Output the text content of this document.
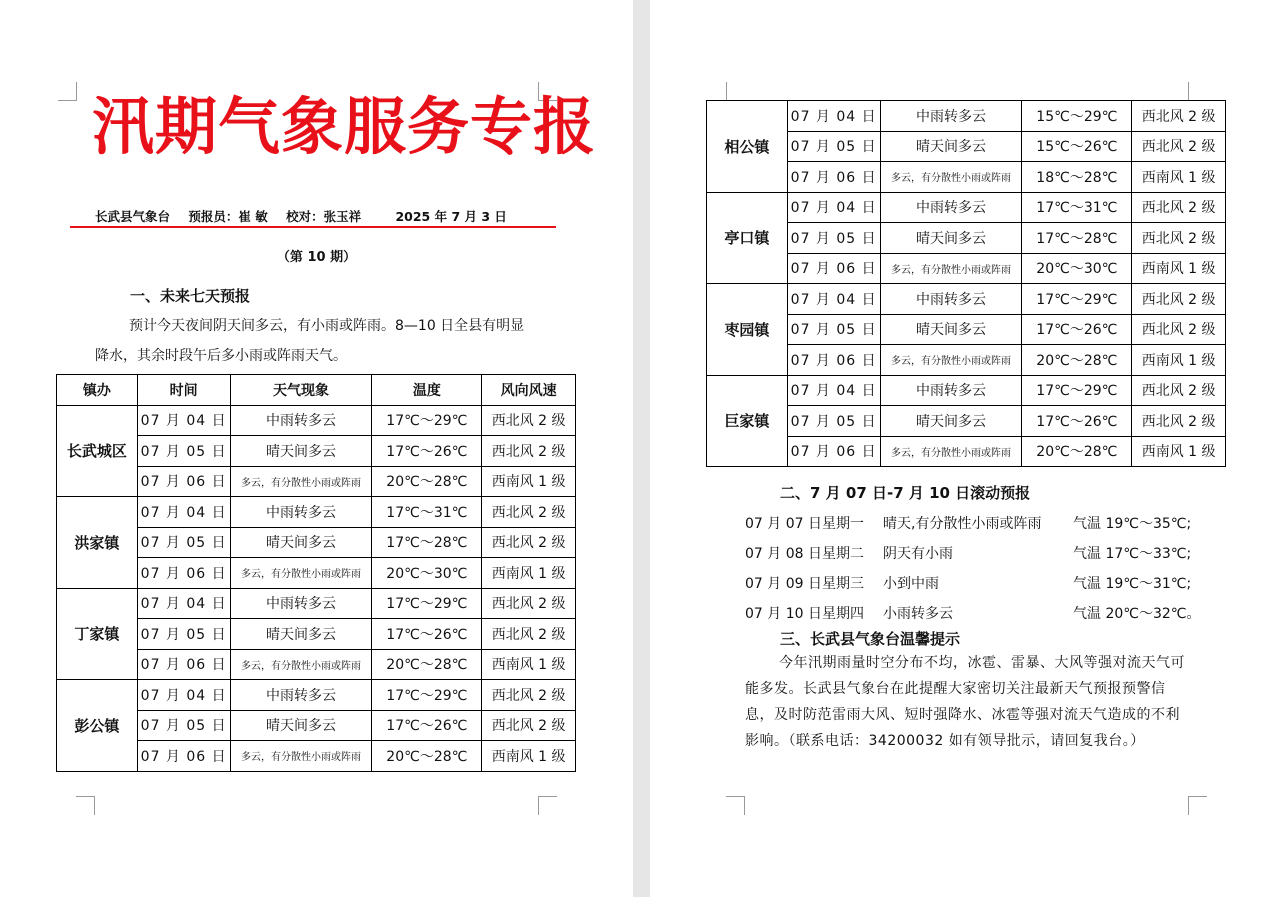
汛期气象服务专报
长武县气象台 预报员：崔 敏 校对：张玉祥	2025 年 7 月 3 日
（第 10 期）
一、未来七天预报
预计今天夜间阴天间多云，有小雨或阵雨。8—10 日全县有明显降水，其余时段午后多小雨或阵雨天气。
镇办	时间	天气现象	温度	风向风速
长武城区	07 月 04 日	中雨转多云	17℃～29℃	西北风 2 级
	07 月 05 日	晴天间多云	17℃～26℃	西北风 2 级
	07 月 06 日	多云，有分散性小雨或阵雨	20℃～28℃	西南风 1 级
洪家镇	07 月 04 日	中雨转多云	17℃～31℃	西北风 2 级
	07 月 05 日	晴天间多云	17℃～28℃	西北风 2 级
	07 月 06 日	多云，有分散性小雨或阵雨	20℃～30℃	西南风 1 级
丁家镇	07 月 04 日	中雨转多云	17℃～29℃	西北风 2 级
	07 月 05 日	晴天间多云	17℃～26℃	西北风 2 级
	07 月 06 日	多云，有分散性小雨或阵雨	20℃～28℃	西南风 1 级
彭公镇	07 月 04 日	中雨转多云	17℃～29℃	西北风 2 级
	07 月 05 日	晴天间多云	17℃～26℃	西北风 2 级
	07 月 06 日	多云，有分散性小雨或阵雨	20℃～28℃	西南风 1 级
相公镇	07 月 04 日	中雨转多云	15℃～29℃	西北风 2 级
	07 月 05 日	晴天间多云	15℃～26℃	西北风 2 级
	07 月 06 日	多云，有分散性小雨或阵雨	18℃～28℃	西南风 1 级
亭口镇	07 月 04 日	中雨转多云	17℃～31℃	西北风 2 级
	07 月 05 日	晴天间多云	17℃～28℃	西北风 2 级
	07 月 06 日	多云，有分散性小雨或阵雨	20℃～30℃	西南风 1 级
枣园镇	07 月 04 日	中雨转多云	17℃～29℃	西北风 2 级
	07 月 05 日	晴天间多云	17℃～26℃	西北风 2 级
	07 月 06 日	多云，有分散性小雨或阵雨	20℃～28℃	西南风 1 级
巨家镇	07 月 04 日	中雨转多云	17℃～29℃	西北风 2 级
	07 月 05 日	晴天间多云	17℃～26℃	西北风 2 级
	07 月 06 日	多云，有分散性小雨或阵雨	20℃～28℃	西南风 1 级
二、7 月 07 日-7 月 10 日滚动预报
07 月 07 日星期一 晴天,有分散性小雨或阵雨 气温 19℃～35℃;
07 月 08 日星期二 阴天有小雨	气温 17℃～33℃;
07 月 09 日星期三 小到中雨	气温 19℃～31℃;
07 月 10 日星期四 小雨转多云	气温 20℃～32℃。
三、长武县气象台温馨提示
今年汛期雨量时空分布不均，冰雹、雷暴、大风等强对流天气可能多发。长武县气象台在此提醒大家密切关注最新天气预报预警信息，及时防范雷雨大风、短时强降水、冰雹等强对流天气造成的不利影响。（联系电话：34200032 如有领导批示，请回复我台。）
